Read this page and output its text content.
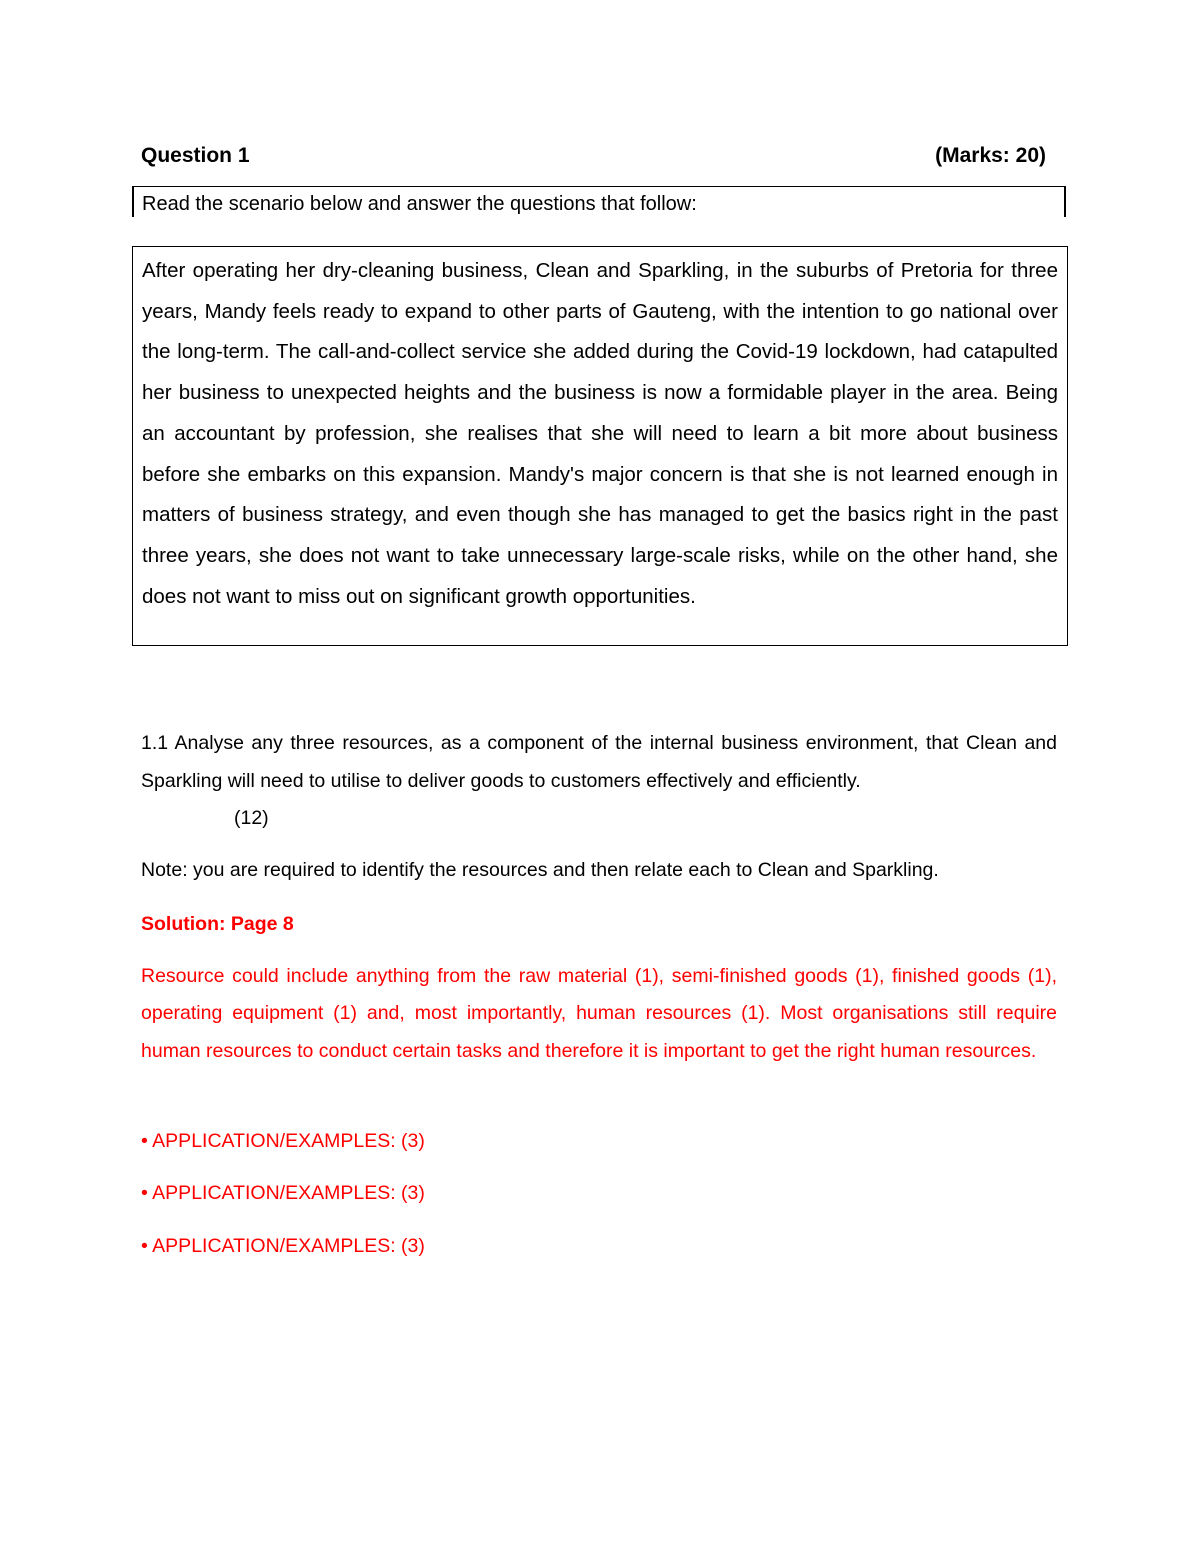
Question 1	(Marks: 20)
Read the scenario below and answer the questions that follow:

After operating her dry-cleaning business, Clean and Sparkling, in the suburbs of Pretoria for three years, Mandy feels ready to expand to other parts of Gauteng, with the intention to go national over the long-term. The call-and-collect service she added during the Covid-19 lockdown, had catapulted her business to unexpected heights and the business is now a formidable player in the area. Being an accountant by profession, she realises that she will need to learn a bit more about business before she embarks on this expansion. Mandy's major concern is that she is not learned enough in matters of business strategy, and even though she has managed to get the basics right in the past three years, she does not want to take unnecessary large-scale risks, while on the other hand, she does not want to miss out on significant growth opportunities.

1.1 Analyse any three resources, as a component of the internal business environment, that Clean and Sparkling will need to utilise to deliver goods to customers effectively and efficiently.

(12)

Note: you are required to identify the resources and then relate each to Clean and Sparkling.

Solution: Page 8

Resource could include anything from the raw material (1), semi-finished goods (1), finished goods (1), operating equipment (1) and, most importantly, human resources (1). Most organisations still require human resources to conduct certain tasks and therefore it is important to get the right human resources.

• APPLICATION/EXAMPLES: (3)

• APPLICATION/EXAMPLES: (3)

• APPLICATION/EXAMPLES: (3)
